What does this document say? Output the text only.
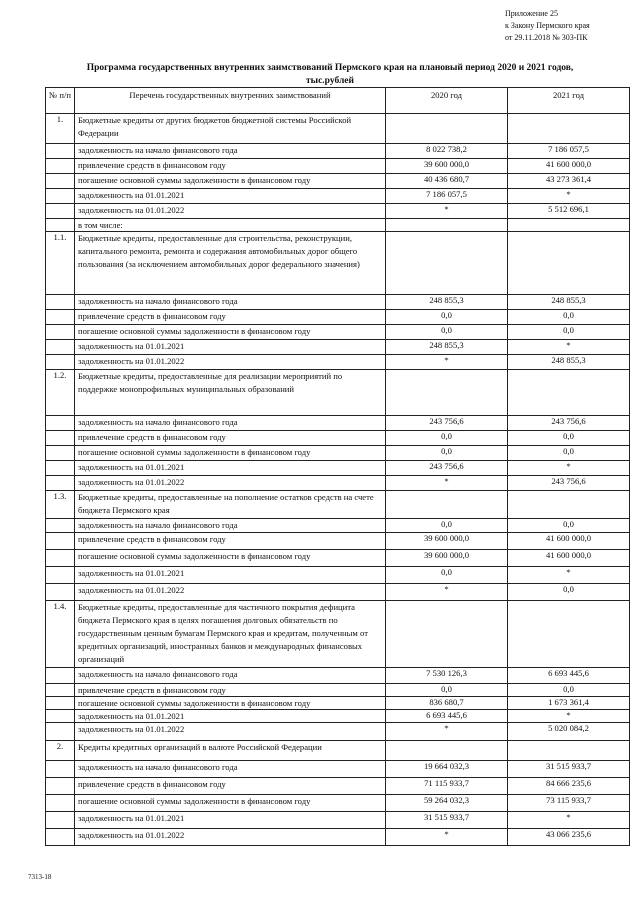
Приложение 25
к Закону Пермского края
от 29.11.2018 № 303-ПК
Программа государственных внутренних заимствований Пермского края на плановый период 2020 и 2021 годов,
тыс.рублей
№ п/п	Перечень государственных внутренних заимствований	2020 год	2021 год
1.	Бюджетные кредиты от других бюджетов бюджетной системы Российской Федерации		
	задолженность на начало финансового года	8 022 738,2	7 186 057,5
	привлечение средств в финансовом году	39 600 000,0	41 600 000,0
	погашение основной суммы задолженности в финансовом году	40 436 680,7	43 273 361,4
	задолженность на 01.01.2021	7 186 057,5	*
	задолженность на 01.01.2022	*	5 512 696,1
	в том числе:		
1.1.	Бюджетные кредиты, предоставленные для строительства, реконструкции, капитального ремонта, ремонта и содержания автомобильных дорог общего пользования (за исключением автомобильных дорог федерального значения)		
	задолженность на начало финансового года	248 855,3	248 855,3
	привлечение средств в финансовом году	0,0	0,0
	погашение основной суммы задолженности в финансовом году	0,0	0,0
	задолженность на 01.01.2021	248 855,3	*
	задолженность на 01.01.2022	*	248 855,3
1.2.	Бюджетные кредиты, предоставленные для реализации мероприятий по поддержке монопрофильных муниципальных образований		
	задолженность на начало финансового года	243 756,6	243 756,6
	привлечение средств в финансовом году	0,0	0,0
	погашение основной суммы задолженности в финансовом году	0,0	0,0
	задолженность на 01.01.2021	243 756,6	*
	задолженность на 01.01.2022	*	243 756,6
1.3.	Бюджетные кредиты, предоставленные на пополнение остатков средств на счете бюджета Пермского края		
	задолженность на начало финансового года	0,0	0,0
	привлечение средств в финансовом году	39 600 000,0	41 600 000,0
	погашение основной суммы задолженности в финансовом году	39 600 000,0	41 600 000,0
	задолженность на 01.01.2021	0,0	*
	задолженность на 01.01.2022	*	0,0
1.4.	Бюджетные кредиты, предоставленные для частичного покрытия дефицита бюджета Пермского края в целях погашения долговых обязательств по государственным ценным бумагам Пермского края и кредитам, полученным от кредитных организаций, иностранных банков и международных финансовых организаций		
	задолженность на начало финансового года	7 530 126,3	6 693 445,6
	привлечение средств в финансовом году	0,0	0,0
	погашение основной суммы задолженности в финансовом году	836 680,7	1 673 361,4
	задолженность на 01.01.2021	6 693 445,6	*
	задолженность на 01.01.2022	*	5 020 084,2
2.	Кредиты кредитных организаций в валюте Российской Федерации		
	задолженность на начало финансового года	19 664 032,3	31 515 933,7
	привлечение средств в финансовом году	71 115 933,7	84 666 235,6
	погашение основной суммы задолженности в финансовом году	59 264 032,3	73 115 933,7
	задолженность на 01.01.2021	31 515 933,7	*
	задолженность на 01.01.2022	*	43 066 235,6
7313-18
